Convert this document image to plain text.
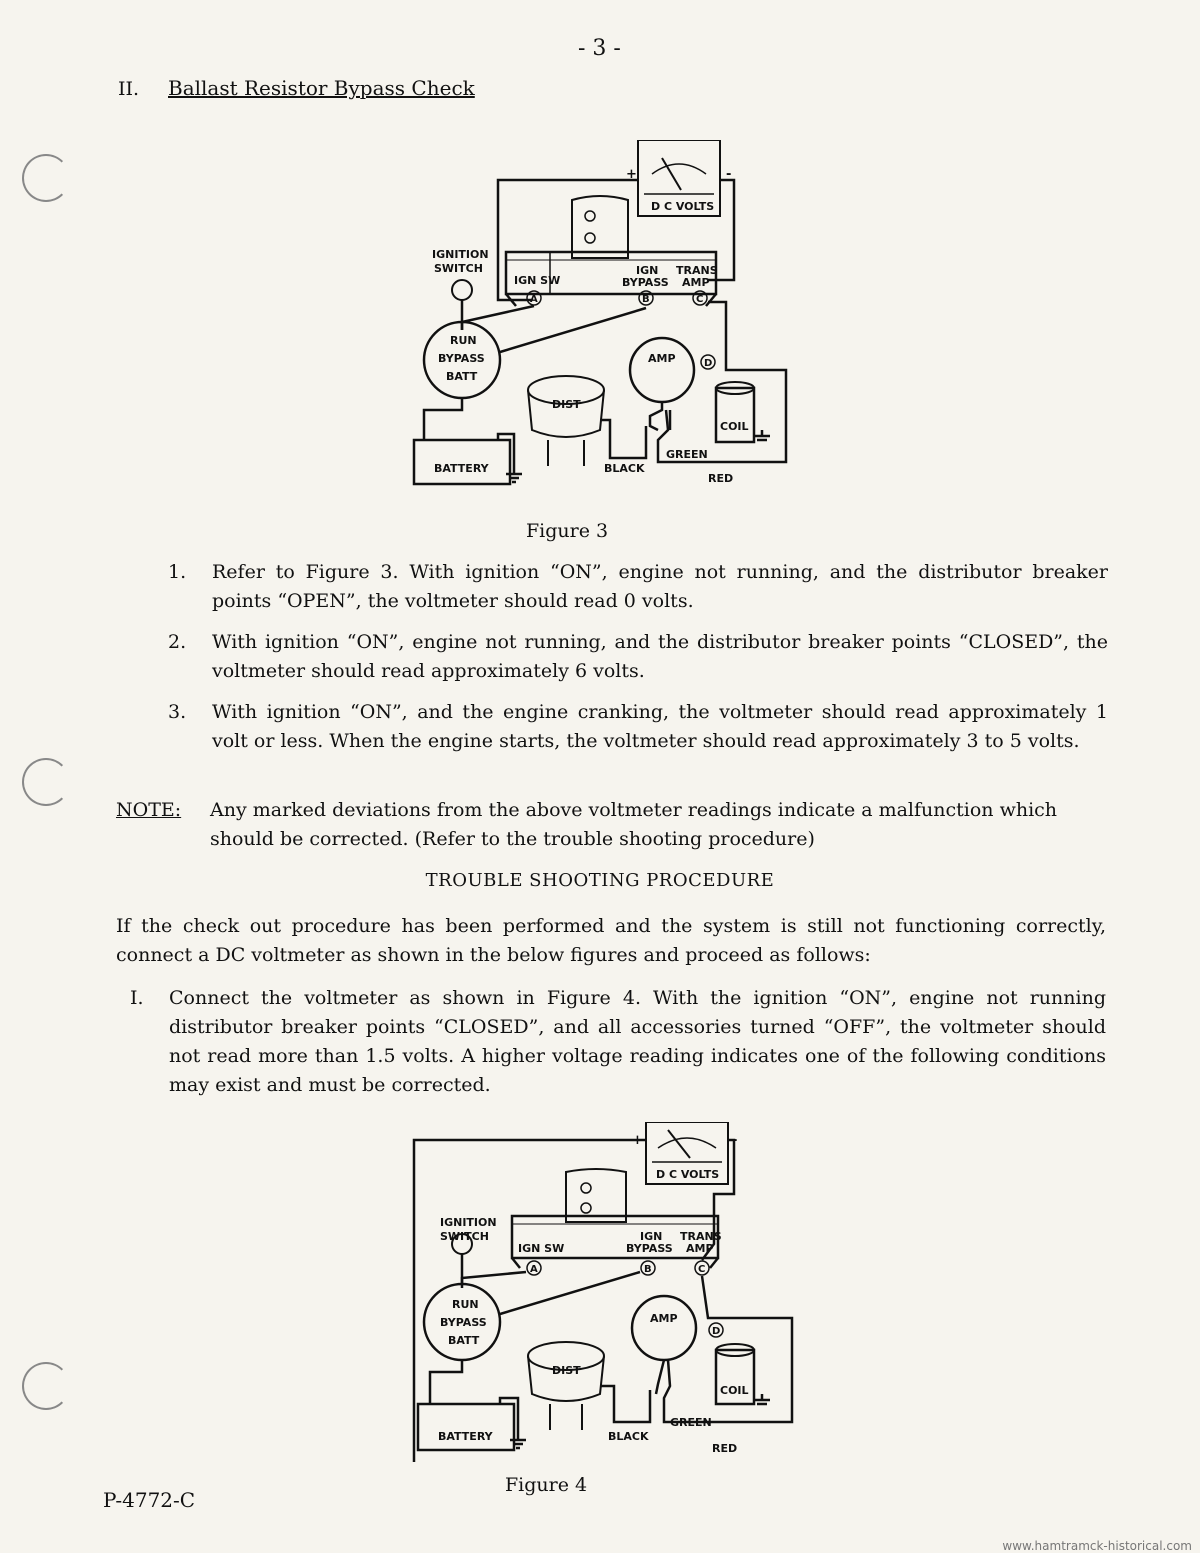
- 3 -
II. Ballast Resistor Bypass Check
+	-
D C VOLTS
IGNITION
SWITCH
IGN SW
IGN
BYPASS
TRANS
AMP
A	B	C
D
RUN
BYPASS
BATT
AMP
DIST
COIL
BATTERY	BLACK
GREEN
RED
Figure 3
1. Refer to Figure 3. With ignition “ON”, engine not running, and the distributor breaker points “OPEN”, the voltmeter should read 0 volts.
2. With ignition “ON”, engine not running, and the distributor breaker points “CLOSED”, the voltmeter should read approximately 6 volts.
3. With ignition “ON”, and the engine cranking, the voltmeter should read approximately 1 volt or less. When the engine starts, the voltmeter should read approximately 3 to 5 volts.
NOTE: Any marked deviations from the above voltmeter readings indicate a malfunction which should be corrected. (Refer to the trouble shooting procedure)
TROUBLE SHOOTING PROCEDURE
If the check out procedure has been performed and the system is still not functioning correctly, connect a DC voltmeter as shown in the below figures and proceed as follows:
I. Connect the voltmeter as shown in Figure 4. With the ignition “ON”, engine not running distributor breaker points “CLOSED”, and all accessories turned “OFF”, the voltmeter should not read more than 1.5 volts. A higher voltage reading indicates one of the following conditions may exist and must be corrected.
+	-
D C VOLTS
IGNITION
SWITCH
IGN SW
IGN
BYPASS
TRANS
AMP
A	B	C
D
RUN
BYPASS
BATT
AMP
DIST
COIL
BATTERY	BLACK
GREEN
RED
Figure 4
P-4772-C
www.hamtramck-historical.com
